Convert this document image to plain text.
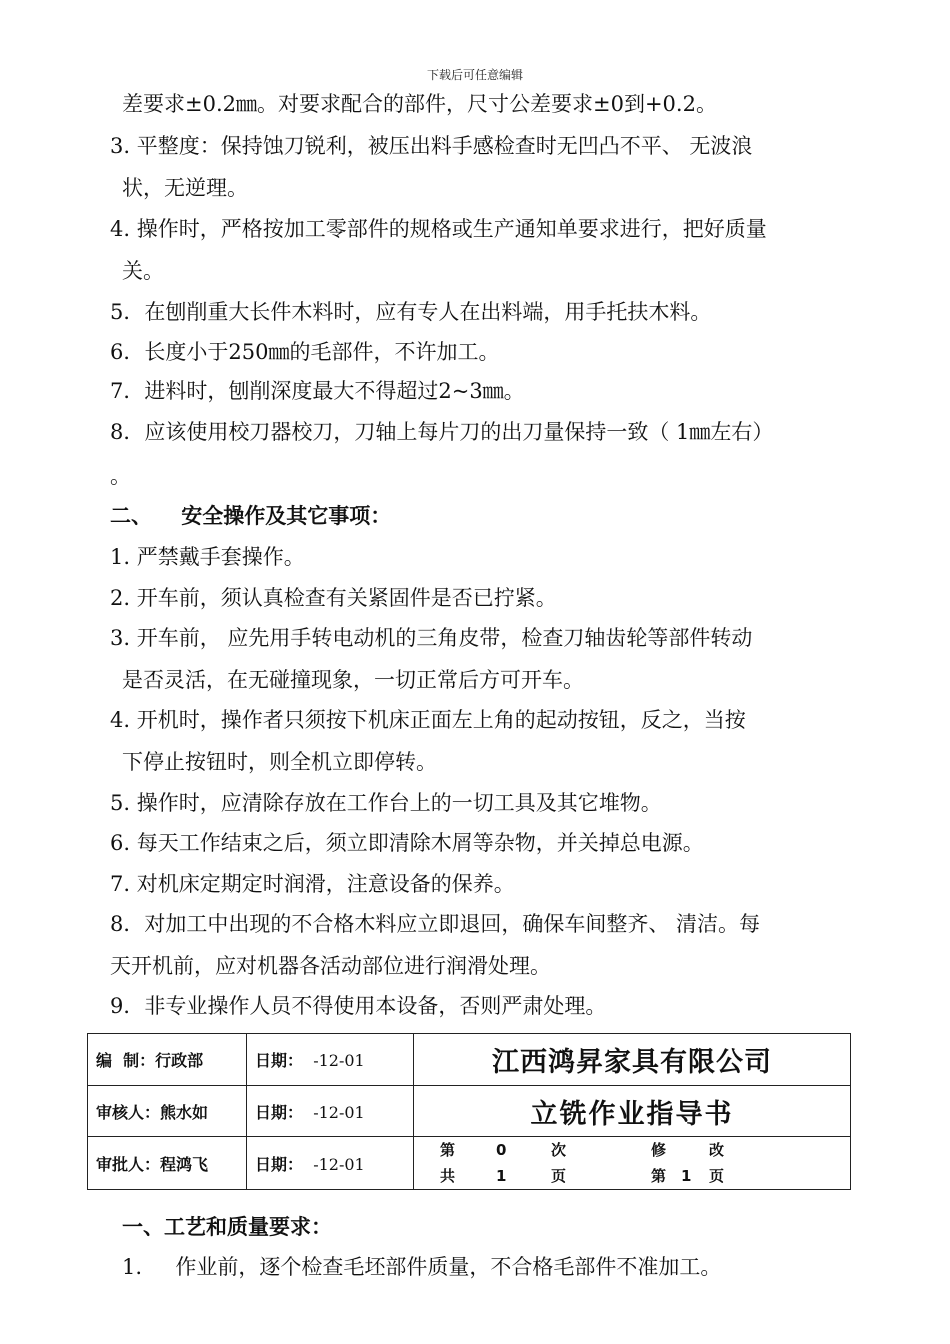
下载后可任意编辑
差要求±0.2㎜。对要求配合的部件，尺寸公差要求±0到+0.2。
3. 平整度：保持蚀刀锐利，被压出料手感检查时无凹凸不平、 无波浪
状，无逆理。
4. 操作时，严格按加工零部件的规格或生产通知单要求进行，把好质量
关。
5．在刨削重大长件木料时，应有专人在出料端，用手托扶木料。
6．长度小于250㎜的毛部件，不许加工。
7．进料时，刨削深度最大不得超过2~3㎜。
8．应该使用校刀器校刀，刀轴上每片刀的出刀量保持一致（ 1㎜左右）
。
二、    安全操作及其它事项：
1. 严禁戴手套操作。
2. 开车前，须认真检查有关紧固件是否已拧紧。
3. 开车前， 应先用手转电动机的三角皮带，检查刀轴齿轮等部件转动
是否灵活，在无碰撞现象，一切正常后方可开车。
4. 开机时，操作者只须按下机床正面左上角的起动按钮，反之，当按
下停止按钮时，则全机立即停转。
5. 操作时，应清除存放在工作台上的一切工具及其它堆物。
6. 每天工作结束之后，须立即清除木屑等杂物，并关掉总电源。
7. 对机床定期定时润滑，注意设备的保养。
8．对加工中出现的不合格木料应立即退回，确保车间整齐、 清洁。每
天开机前，应对机器各活动部位进行润滑处理。
9．非专业操作人员不得使用本设备，否则严肃处理。
编  制：行政部	日期： -12-01	江西鸿昇家具有限公司
审核人：熊水如	日期： -12-01	立铣作业指导书
审批人：程鸿飞	日期： -12-01	第 0 次 修 改
共 1 页 第 1 页
一、工艺和质量要求：
1.     作业前，逐个检查毛坯部件质量，不合格毛部件不准加工。
